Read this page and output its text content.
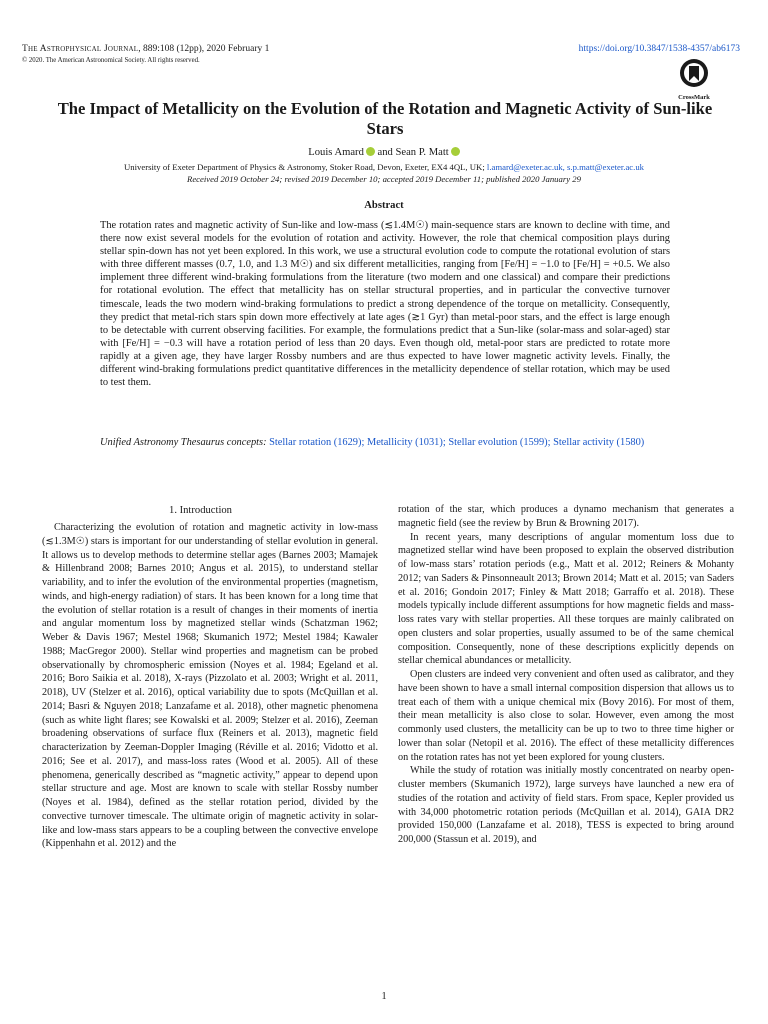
The Astrophysical Journal, 889:108 (12pp), 2020 February 1
© 2020. The American Astronomical Society. All rights reserved.
https://doi.org/10.3847/1538-4357/ab6173
CrossMark
The Impact of Metallicity on the Evolution of the Rotation and Magnetic Activity of Sun-like Stars
Louis Amard and Sean P. Matt
University of Exeter Department of Physics & Astronomy, Stoker Road, Devon, Exeter, EX4 4QL, UK; l.amard@exeter.ac.uk, s.p.matt@exeter.ac.uk
Received 2019 October 24; revised 2019 December 10; accepted 2019 December 11; published 2020 January 29
Abstract

The rotation rates and magnetic activity of Sun-like and low-mass (≲1.4M☉) main-sequence stars are known to decline with time, and there now exist several models for the evolution of rotation and activity. However, the role that chemical composition plays during stellar spin-down has not yet been explored. In this work, we use a structural evolution code to compute the rotational evolution of stars with three different masses (0.7, 1.0, and 1.3 M☉) and six different metallicities, ranging from [Fe/H] = −1.0 to [Fe/H] = +0.5. We also implement three different wind-braking formulations from the literature (two modern and one classical) and compare their predictions for rotational evolution. The effect that metallicity has on stellar structural properties, and in particular the convective turnover timescale, leads the two modern wind-braking formulations to predict a strong dependence of the torque on metallicity. Consequently, they predict that metal-rich stars spin down more effectively at late ages (≳1 Gyr) than metal-poor stars, and the effect is large enough to be detectable with current observing facilities. For example, the formulations predict that a Sun-like (solar-mass and solar-aged) star with [Fe/H] = −0.3 will have a rotation period of less than 20 days. Even though old, metal-poor stars are predicted to rotate more rapidly at a given age, they have larger Rossby numbers and are thus expected to have lower magnetic activity levels. Finally, the different wind-braking formulations predict quantitative differences in the metallicity dependence of stellar rotation, which may be used to test them.

Unified Astronomy Thesaurus concepts: Stellar rotation (1629); Metallicity (1031); Stellar evolution (1599); Stellar activity (1580)
1. Introduction

Characterizing the evolution of rotation and magnetic activity in low-mass (≲1.3M☉) stars is important for our understanding of stellar evolution in general. It allows us to develop methods to determine stellar ages (Barnes 2003; Mamajek & Hillenbrand 2008; Barnes 2010; Angus et al. 2015), to understand stellar variability, and to infer the evolution of the environmental properties (magnetism, winds, and high-energy radiation) of stars. It has been known for a long time that the evolution of stellar rotation is a result of changes in their moments of inertia and angular momentum loss by magnetized stellar winds (Schatzman 1962; Weber & Davis 1967; Mestel 1968; Skumanich 1972; Mestel 1984; Kawaler 1988; MacGregor 2000). Stellar wind properties and magnetism can be probed observationally by chromospheric emission (Noyes et al. 1984; Egeland et al. 2016; Boro Saikia et al. 2018), X-rays (Pizzolato et al. 2003; Wright et al. 2011, 2018), UV (Stelzer et al. 2016), optical variability due to spots (McQuillan et al. 2014; Basri & Nguyen 2018; Lanzafame et al. 2018), other magnetic phenomena (such as white light flares; see Kowalski et al. 2009; Stelzer et al. 2016), Zeeman broadening observations of surface flux (Reiners et al. 2013), magnetic field characterization by Zeeman-Doppler Imaging (Réville et al. 2016; Vidotto et al. 2016; See et al. 2017), and mass-loss rates (Wood et al. 2005). All of these phenomena, generically described as “magnetic activity,” appear to depend upon stellar structure and age. Most are known to scale with stellar Rossby number (Noyes et al. 1984), defined as the stellar rotation period, divided by the convective turnover timescale. The ultimate origin of magnetic activity in solar-like and low-mass stars appears to be a coupling between the convective envelope (Kippenhahn et al. 2012) and the

rotation of the star, which produces a dynamo mechanism that generates a magnetic field (see the review by Brun & Browning 2017).

In recent years, many descriptions of angular momentum loss due to magnetized stellar wind have been proposed to explain the observed distribution of low-mass stars’ rotation periods (e.g., Matt et al. 2012; Reiners & Mohanty 2012; van Saders & Pinsonneault 2013; Brown 2014; Matt et al. 2015; van Saders et al. 2016; Gondoin 2017; Finley & Matt 2018; Garraffo et al. 2018). These models typically include different assumptions for how magnetic fields and mass-loss rates vary with stellar properties. All these torques are mainly calibrated on open clusters and solar properties, usually assumed to be of the same chemical composition. Consequently, none of these descriptions explicitly depends on stellar chemical abundances or metallicity.

Open clusters are indeed very convenient and often used as calibrator, and they have been shown to have a small internal composition dispersion that allows us to treat each of them with a unique chemical mix (Bovy 2016). For most of them, their mean metallicity is also close to solar. However, even among the most commonly used clusters, the metallicity can be up to two to three time higher or lower than solar (Netopil et al. 2016). The effect of these metallicity differences on the rotation rates has not yet been explored for young clusters.

While the study of rotation was initially mostly concentrated on nearby open-cluster members (Skumanich 1972), large surveys have launched a new era of studies of the rotation and activity of field stars. From space, Kepler provided us with 34,000 photometric rotation periods (McQuillan et al. 2014), GAIA DR2 provided 150,000 (Lanzafame et al. 2018), TESS is expected to bring around 200,000 (Stassun et al. 2019), and

1
